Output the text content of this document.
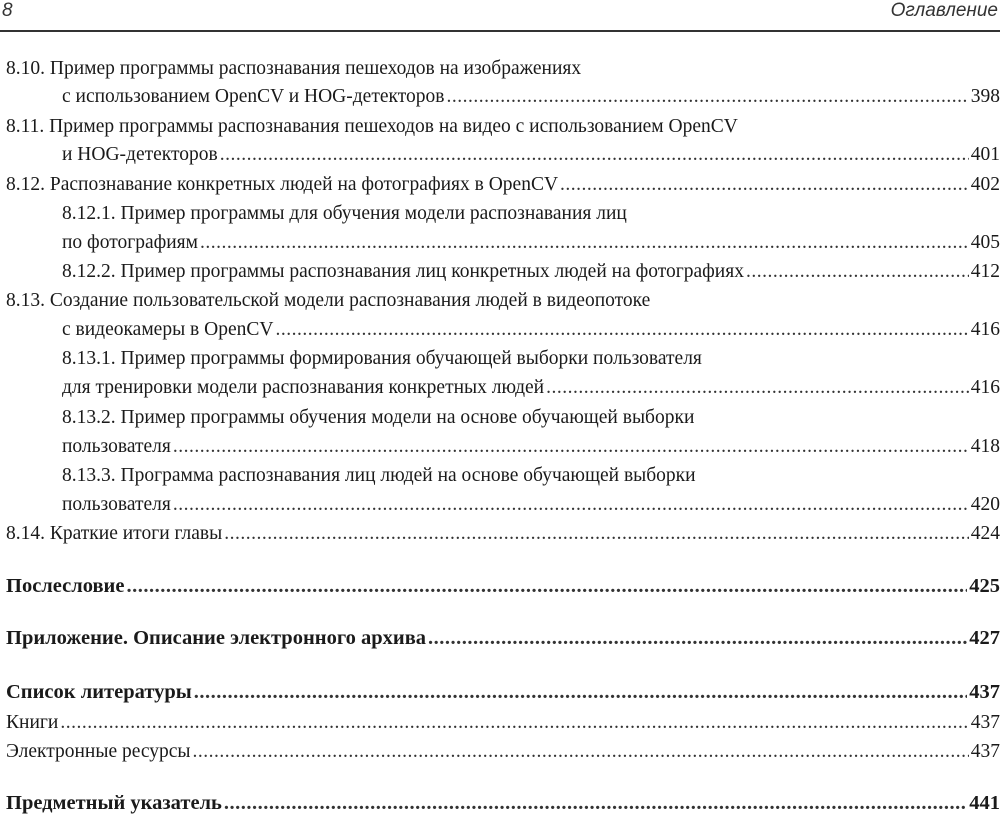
8	Оглавление
8.10. Пример программы распознавания пешеходов на изображениях
с использованием OpenCV и HOG-детекторов .....	398
8.11. Пример программы распознавания пешеходов на видео с использованием OpenCV
и HOG-детекторов .....	401
8.12. Распознавание конкретных людей на фотографиях в OpenCV .....	402
8.12.1. Пример программы для обучения модели распознавания лиц
по фотографиям .....	405
8.12.2. Пример программы распознавания лиц конкретных людей на фотографиях .....	412
8.13. Создание пользовательской модели распознавания людей в видеопотоке
с видеокамеры в OpenCV .....	416
8.13.1. Пример программы формирования обучающей выборки пользователя
для тренировки модели распознавания конкретных людей .....	416
8.13.2. Пример программы обучения модели на основе обучающей выборки
пользователя .....	418
8.13.3. Программа распознавания лиц людей на основе обучающей выборки
пользователя .....	420
8.14. Краткие итоги главы .....	424
Послесловие .....	425
Приложение. Описание электронного архива .....	427
Список литературы .....	437
Книги .....	437
Электронные ресурсы .....	437
Предметный указатель .....	441
